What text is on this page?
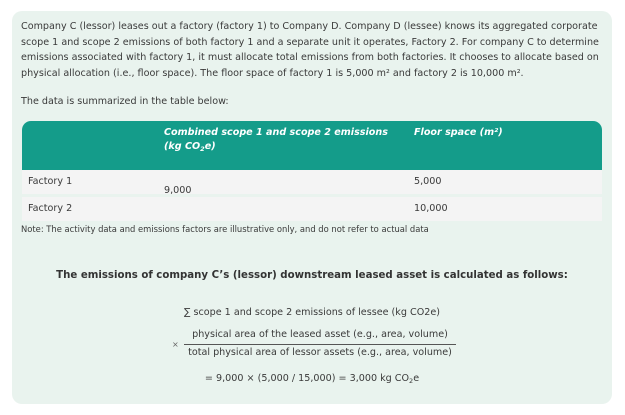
Company C (lessor) leases out a factory (factory 1) to Company D. Company D (lessee) knows its aggregated corporate scope 1 and scope 2 emissions of both factory 1 and a separate unit it operates, Factory 2. For company C to determine emissions associated with factory 1, it must allocate total emissions from both factories. It chooses to allocate based on physical allocation (i.e., floor space). The floor space of factory 1 is 5,000 m² and factory 2 is 10,000 m².

The data is summarized in the table below:
Combined scope 1 and scope 2 emissions
(kg $CO_2e$)
Floor space (m²)
Factory 1	5,000
Factory 2	10,000
9,000
Note: The activity data and emissions factors are illustrative only, and do not refer to actual data
The emissions of company C’s (lessor) downstream leased asset is calculated as follows:
∑ scope 1 and scope 2 emissions of lessee (kg CO2e)
×
physical area of the leased asset (e.g., area, volume)
total physical area of lessor assets (e.g., area, volume)
= 9,000 × (5,000 / 15,000) = 3,000 kg $CO_2e$
